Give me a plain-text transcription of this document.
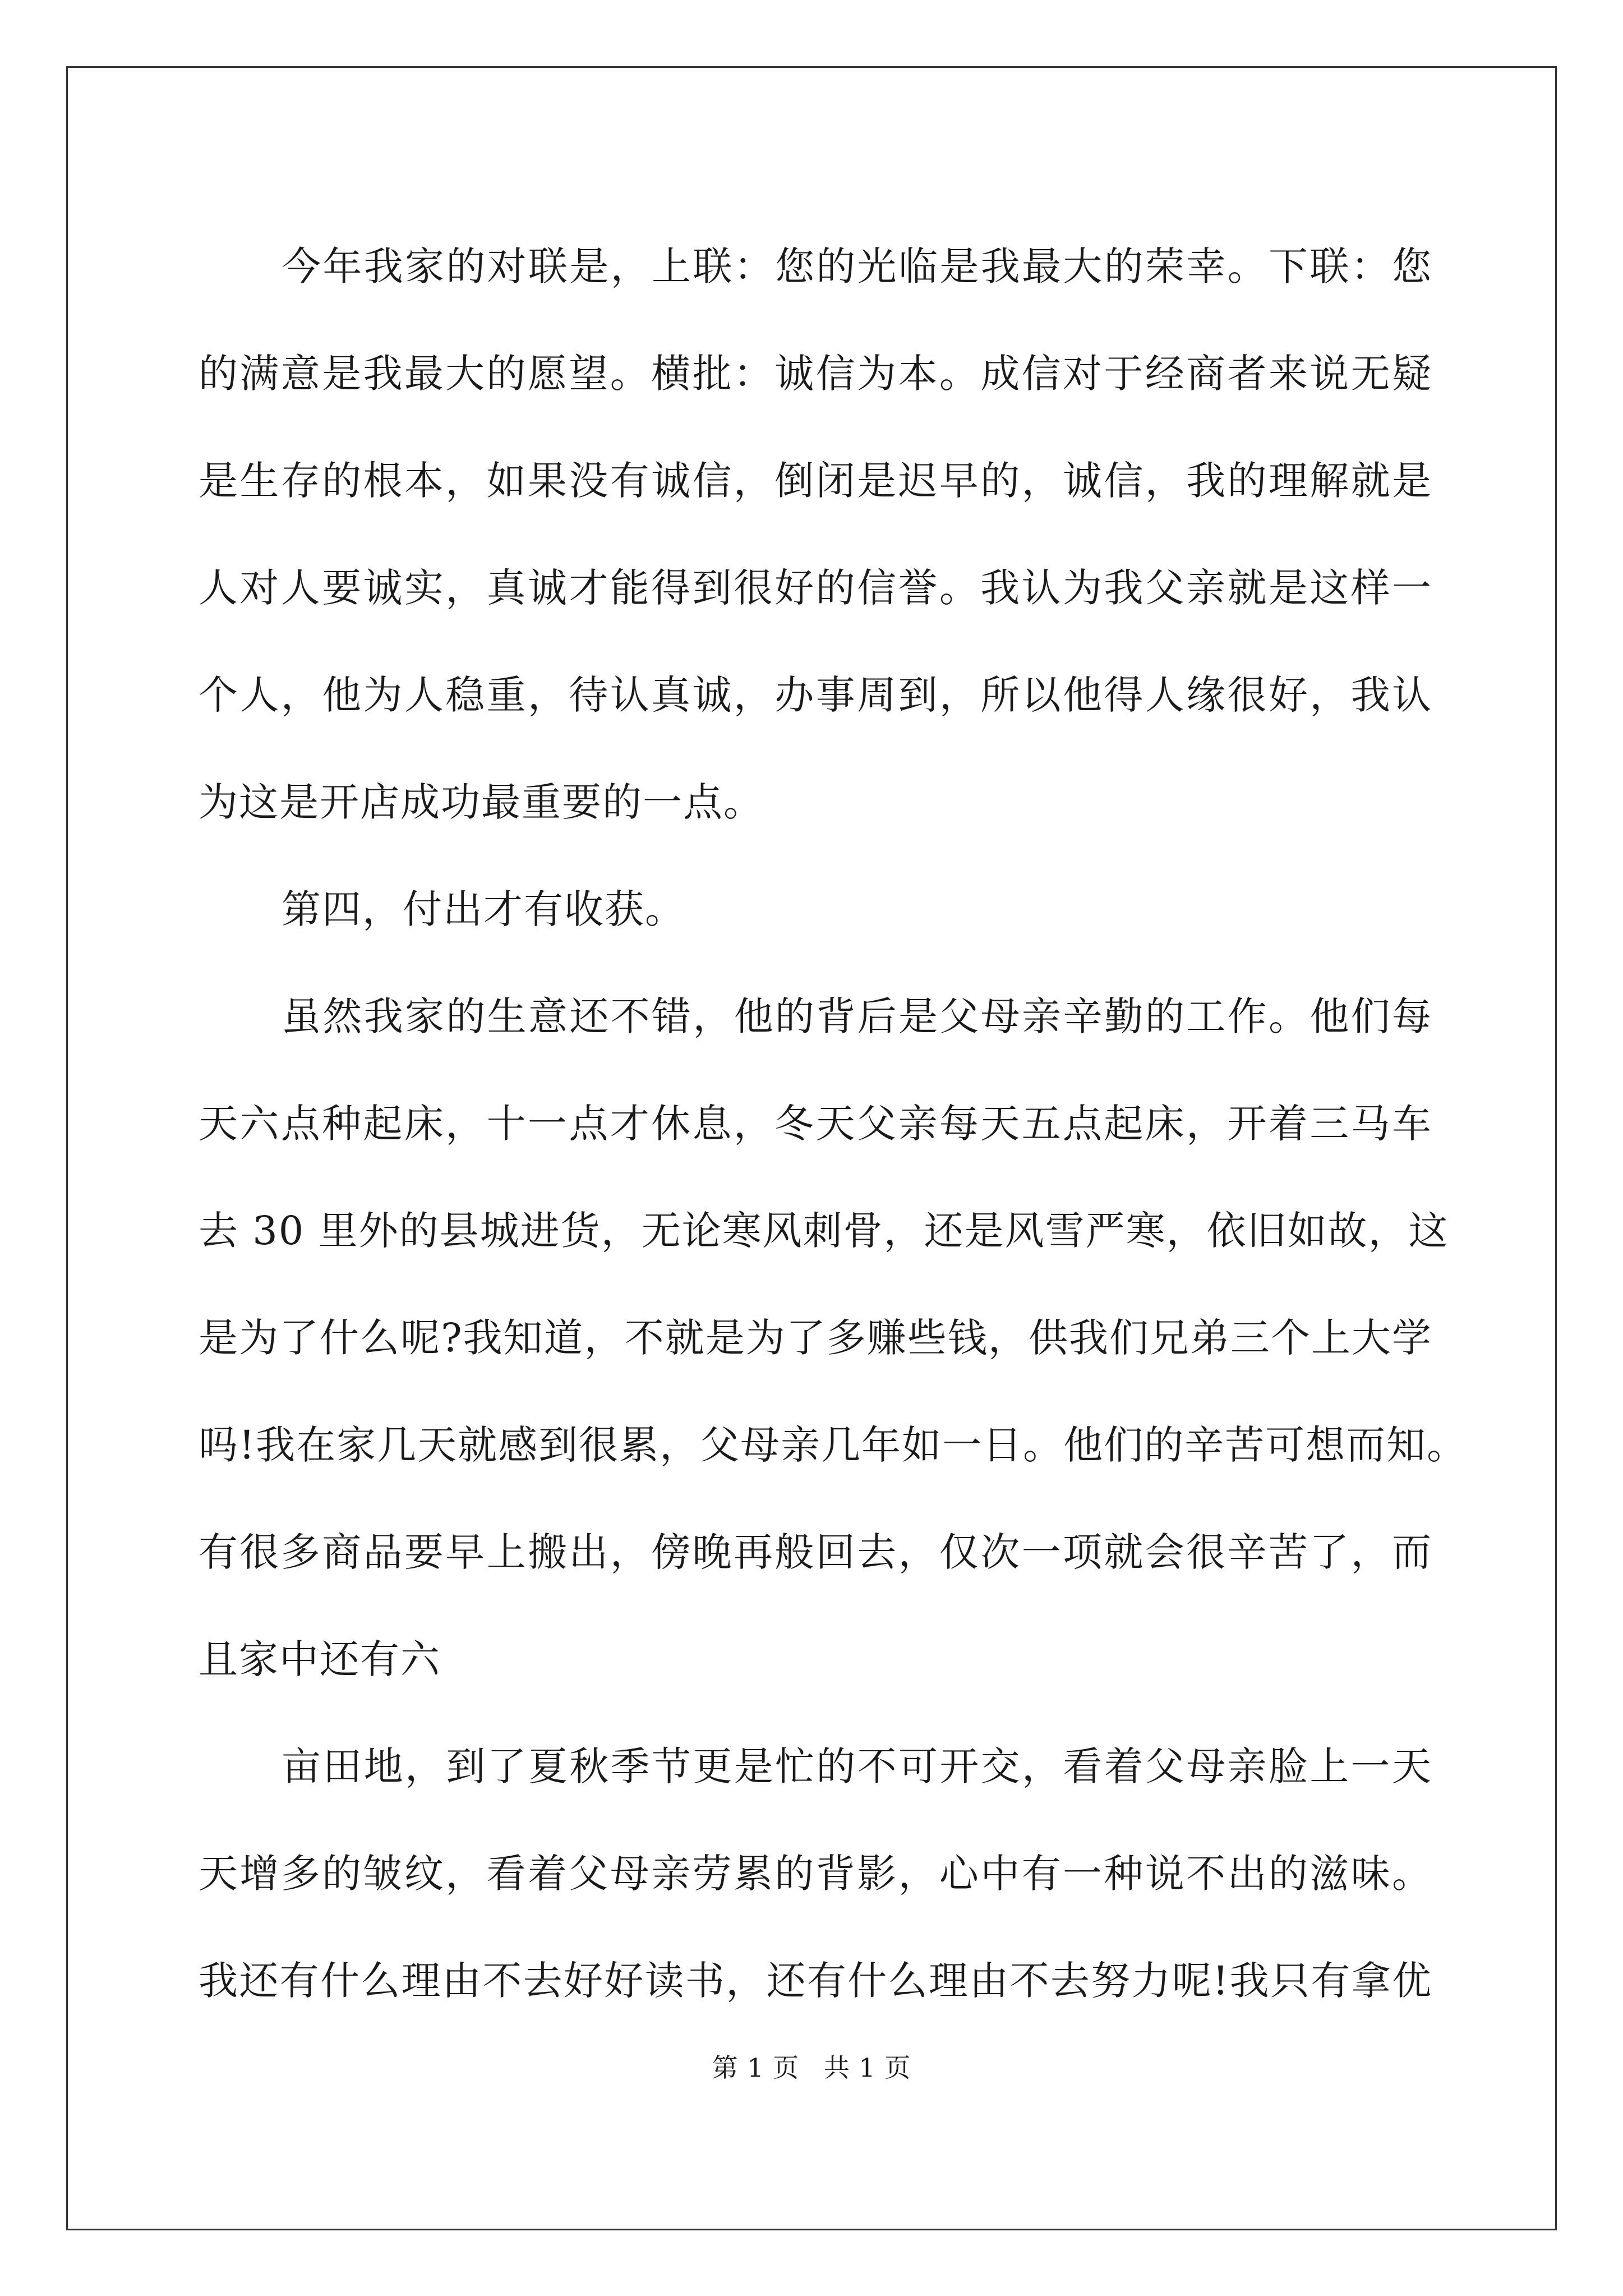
今年我家的对联是，上联：您的光临是我最大的荣幸。下联：您
的满意是我最大的愿望。横批：诚信为本。成信对于经商者来说无疑
是生存的根本，如果没有诚信，倒闭是迟早的，诚信，我的理解就是
人对人要诚实，真诚才能得到很好的信誉。我认为我父亲就是这样一
个人，他为人稳重，待认真诚，办事周到，所以他得人缘很好，我认
为这是开店成功最重要的一点。

第四，付出才有收获。

虽然我家的生意还不错，他的背后是父母亲辛勤的工作。他们每
天六点种起床，十一点才休息，冬天父亲每天五点起床，开着三马车
去 30 里外的县城进货，无论寒风刺骨，还是风雪严寒，依旧如故，这
是为了什么呢?我知道，不就是为了多赚些钱，供我们兄弟三个上大学
吗!我在家几天就感到很累，父母亲几年如一日。他们的辛苦可想而知。
有很多商品要早上搬出，傍晚再般回去，仅次一项就会很辛苦了，而
且家中还有六

亩田地，到了夏秋季节更是忙的不可开交，看着父母亲脸上一天
天增多的皱纹，看着父母亲劳累的背影，心中有一种说不出的滋味。
我还有什么理由不去好好读书，还有什么理由不去努力呢!我只有拿优

第 1 页 共 1 页
